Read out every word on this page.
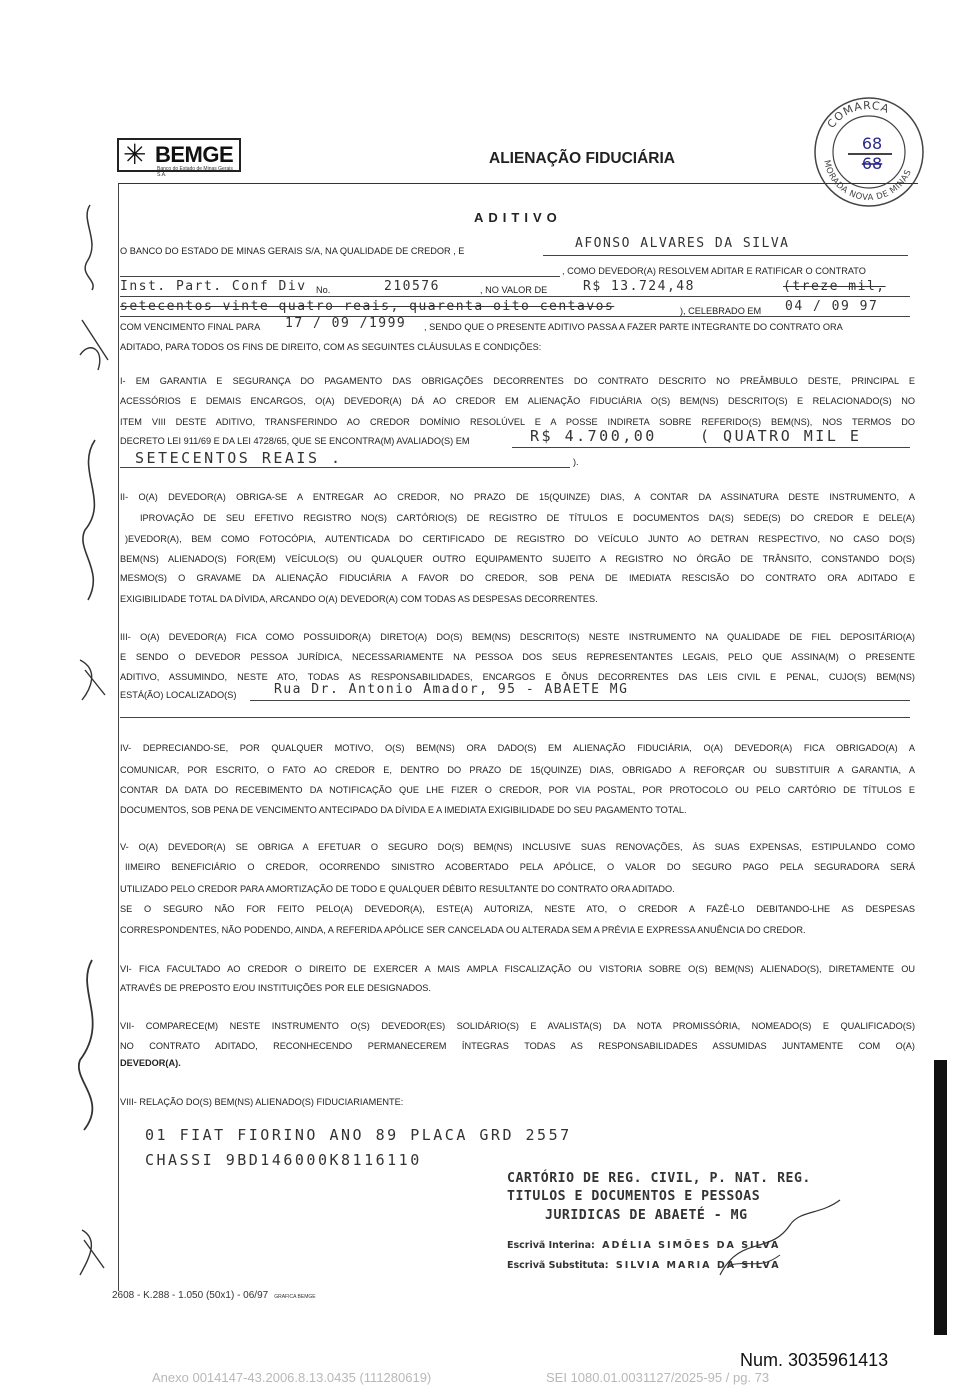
✳ BEMGE
Banco do Estado de Minas Gerais S.A.
ALIENAÇÃO FIDUCIÁRIA
COMARCA
MORADA NOVA DE MINAS
68
68
ADITIVO
O BANCO DO ESTADO DE MINAS GERAIS S/A, NA QUALIDADE DE CREDOR , E	AFONSO ALVARES DA SILVA
, COMO DEVEDOR(A) RESOLVEM ADITAR E RATIFICAR O CONTRATO
Inst. Part. Conf Div No.	210576	, NO VALOR DE	R$ 13.724,48	(treze mil,
setecentos vinte quatro reais, quarenta oito centavos	), CELEBRADO EM 04 / 09 97
COM VENCIMENTO FINAL PARA 17 / 09 /1999 , SENDO QUE O PRESENTE ADITIVO PASSA A FAZER PARTE INTEGRANTE DO CONTRATO ORA
ADITADO, PARA TODOS OS FINS DE DIREITO, COM AS SEGUINTES CLÁUSULAS E CONDIÇÕES:
I- EM GARANTIA E SEGURANÇA DO PAGAMENTO DAS OBRIGAÇÕES DECORRENTES DO CONTRATO DESCRITO NO PREÂMBULO DESTE, PRINCIPAL E
ACESSÓRIOS E DEMAIS ENCARGOS, O(A) DEVEDOR(A) DÁ AO CREDOR EM ALIENAÇÃO FIDUCIÁRIA O(S) BEM(NS) DESCRITO(S) E RELACIONADO(S) NO
ITEM VIII DESTE ADITIVO, TRANSFERINDO AO CREDOR DOMÍNIO RESOLÚVEL E A POSSE INDIRETA SOBRE REFERIDO(S) BEM(NS), NOS TERMOS DO
DECRETO LEI 911/69 E DA LEI 4728/65, QUE SE ENCONTRA(M) AVALIADO(S) EM	R$ 4.700,00	( QUATRO MIL E
SETECENTOS REAIS .	).
II- O(A) DEVEDOR(A) OBRIGA-SE A ENTREGAR AO CREDOR, NO PRAZO DE 15(QUINZE) DIAS, A CONTAR DA ASSINATURA DESTE INSTRUMENTO, A
IPROVAÇÃO DE SEU EFETIVO REGISTRO NO(S) CARTÓRIO(S) DE REGISTRO DE TÍTULOS E DOCUMENTOS DA(S) SEDE(S) DO CREDOR E DELE(A)
)EVEDOR(A), BEM COMO FOTOCÓPIA, AUTENTICADA DO CERTIFICADO DE REGISTRO DO VEÍCULO JUNTO AO DETRAN RESPECTIVO, NO CASO DO(S)
BEM(NS) ALIENADO(S) FOR(EM) VEÍCULO(S) OU QUALQUER OUTRO EQUIPAMENTO SUJEITO A REGISTRO NO ÓRGÃO DE TRÂNSITO, CONSTANDO DO(S)
MESMO(S) O GRAVAME DA ALIENAÇÃO FIDUCIÁRIA A FAVOR DO CREDOR, SOB PENA DE IMEDIATA RESCISÃO DO CONTRATO ORA ADITADO E
EXIGIBILIDADE TOTAL DA DÍVIDA, ARCANDO O(A) DEVEDOR(A) COM TODAS AS DESPESAS DECORRENTES.
III- O(A) DEVEDOR(A) FICA COMO POSSUIDOR(A) DIRETO(A) DO(S) BEM(NS) DESCRITO(S) NESTE INSTRUMENTO NA QUALIDADE DE FIEL DEPOSITÁRIO(A)
E SENDO O DEVEDOR PESSOA JURÍDICA, NECESSARIAMENTE NA PESSOA DOS SEUS REPRESENTANTES LEGAIS, PELO QUE ASSINA(M) O PRESENTE
ADITIVO, ASSUMINDO, NESTE ATO, TODAS AS RESPONSABILIDADES, ENCARGOS E ÔNUS DECORRENTES DAS LEIS CIVIL E PENAL, CUJO(S) BEM(NS)
ESTÁ(ÃO) LOCALIZADO(S)	Rua Dr. Antonio Amador, 95 - ABAETE MG
IV- DEPRECIANDO-SE, POR QUALQUER MOTIVO, O(S) BEM(NS) ORA DADO(S) EM ALIENAÇÃO FIDUCIÁRIA, O(A) DEVEDOR(A) FICA OBRIGADO(A) A
COMUNICAR, POR ESCRITO, O FATO AO CREDOR E, DENTRO DO PRAZO DE 15(QUINZE) DIAS, OBRIGADO A REFORÇAR OU SUBSTITUIR A GARANTIA, A
CONTAR DA DATA DO RECEBIMENTO DA NOTIFICAÇÃO QUE LHE FIZER O CREDOR, POR VIA POSTAL, POR PROTOCOLO OU PELO CARTÓRIO DE TÍTULOS E
DOCUMENTOS, SOB PENA DE VENCIMENTO ANTECIPADO DA DÍVIDA E A IMEDIATA EXIGIBILIDADE DO SEU PAGAMENTO TOTAL.
V- O(A) DEVEDOR(A) SE OBRIGA A EFETUAR O SEGURO DO(S) BEM(NS) INCLUSIVE SUAS RENOVAÇÕES, ÀS SUAS EXPENSAS, ESTIPULANDO COMO
IIMEIRO BENEFICIÁRIO O CREDOR, OCORRENDO SINISTRO ACOBERTADO PELA APÓLICE, O VALOR DO SEGURO PAGO PELA SEGURADORA SERÁ
UTILIZADO PELO CREDOR PARA AMORTIZAÇÃO DE TODO E QUALQUER DÉBITO RESULTANTE DO CONTRATO ORA ADITADO.
SE O SEGURO NÃO FOR FEITO PELO(A) DEVEDOR(A), ESTE(A) AUTORIZA, NESTE ATO, O CREDOR A FAZÊ-LO DEBITANDO-LHE AS DESPESAS
CORRESPONDENTES, NÃO PODENDO, AINDA, A REFERIDA APÓLICE SER CANCELADA OU ALTERADA SEM A PRÉVIA E EXPRESSA ANUÊNCIA DO CREDOR.
VI- FICA FACULTADO AO CREDOR O DIREITO DE EXERCER A MAIS AMPLA FISCALIZAÇÃO OU VISTORIA SOBRE O(S) BEM(NS) ALIENADO(S), DIRETAMENTE OU
ATRAVÉS DE PREPOSTO E/OU INSTITUIÇÕES POR ELE DESIGNADOS.
VII- COMPARECE(M) NESTE INSTRUMENTO O(S) DEVEDOR(ES) SOLIDÁRIO(S) E AVALISTA(S) DA NOTA PROMISSÓRIA, NOMEADO(S) E QUALIFICADO(S)
NO CONTRATO ADITADO, RECONHECENDO PERMANECEREM ÍNTEGRAS TODAS AS RESPONSABILIDADES ASSUMIDAS JUNTAMENTE COM O(A)
DEVEDOR(A).
VIII- RELAÇÃO DO(S) BEM(NS) ALIENADO(S) FIDUCIARIAMENTE:
01 FIAT FIORINO ANO 89 PLACA GRD 2557
CHASSI 9BD146000K8116110
CARTÓRIO DE REG. CIVIL, P. NAT. REG.
TITULOS E DOCUMENTOS E PESSOAS
JURIDICAS DE ABAETÉ - MG
Escrivã Interina: ADÉLIA SIMÕES DA SILVA
Escrivã Substituta: SILVIA MARIA DA SILVA
2608 - K.288 - 1.050 (50x1) - 06/97 GRAFICA BEMGE
Num. 3035961413
Anexo 0014147-43.2006.8.13.0435 (111280619)	SEI 1080.01.0031127/2025-95 / pg. 73
